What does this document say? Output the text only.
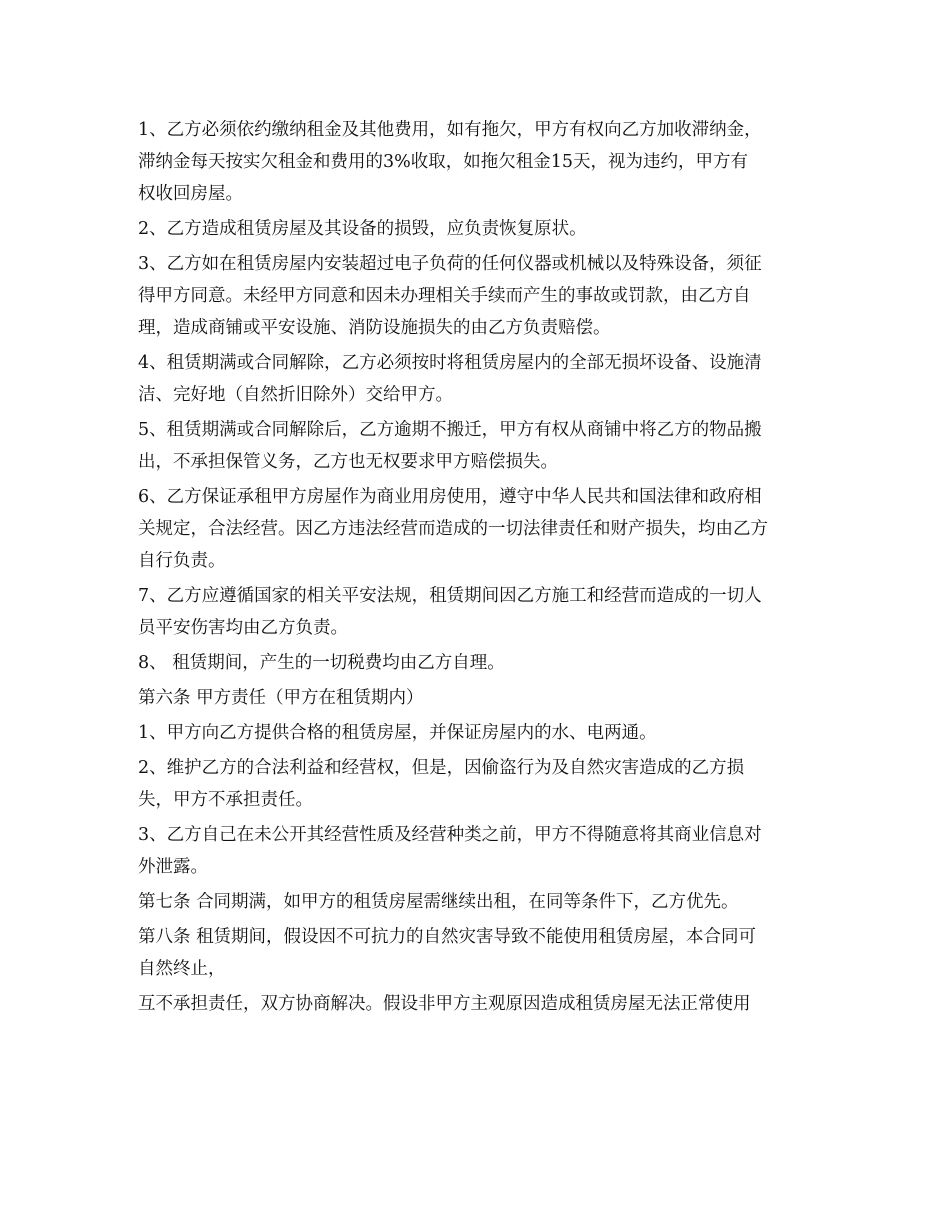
1、乙方必须依约缴纳租金及其他费用，如有拖欠，甲方有权向乙方加收滞纳金，
滞纳金每天按实欠租金和费用的3%收取，如拖欠租金15天，视为违约，甲方有
权收回房屋。
2、乙方造成租赁房屋及其设备的损毁，应负责恢复原状。
3、乙方如在租赁房屋内安装超过电子负荷的任何仪器或机械以及特殊设备，须征
得甲方同意。未经甲方同意和因未办理相关手续而产生的事故或罚款，由乙方自
理，造成商铺或平安设施、消防设施损失的由乙方负责赔偿。
4、租赁期满或合同解除，乙方必须按时将租赁房屋内的全部无损坏设备、设施清
洁、完好地（自然折旧除外）交给甲方。
5、租赁期满或合同解除后，乙方逾期不搬迁，甲方有权从商铺中将乙方的物品搬
出，不承担保管义务，乙方也无权要求甲方赔偿损失。
6、乙方保证承租甲方房屋作为商业用房使用，遵守中华人民共和国法律和政府相
关规定，合法经营。因乙方违法经营而造成的一切法律责任和财产损失，均由乙方
自行负责。
7、乙方应遵循国家的相关平安法规，租赁期间因乙方施工和经营而造成的一切人
员平安伤害均由乙方负责。
8、 租赁期间，产生的一切税费均由乙方自理。
第六条 甲方责任（甲方在租赁期内）
1、甲方向乙方提供合格的租赁房屋，并保证房屋内的水、电两通。
2、维护乙方的合法利益和经营权，但是，因偷盗行为及自然灾害造成的乙方损
失，甲方不承担责任。
3、乙方自己在未公开其经营性质及经营种类之前，甲方不得随意将其商业信息对
外泄露。
第七条 合同期满，如甲方的租赁房屋需继续出租，在同等条件下，乙方优先。
第八条 租赁期间，假设因不可抗力的自然灾害导致不能使用租赁房屋，本合同可
自然终止，
互不承担责任，双方协商解决。假设非甲方主观原因造成租赁房屋无法正常使用
